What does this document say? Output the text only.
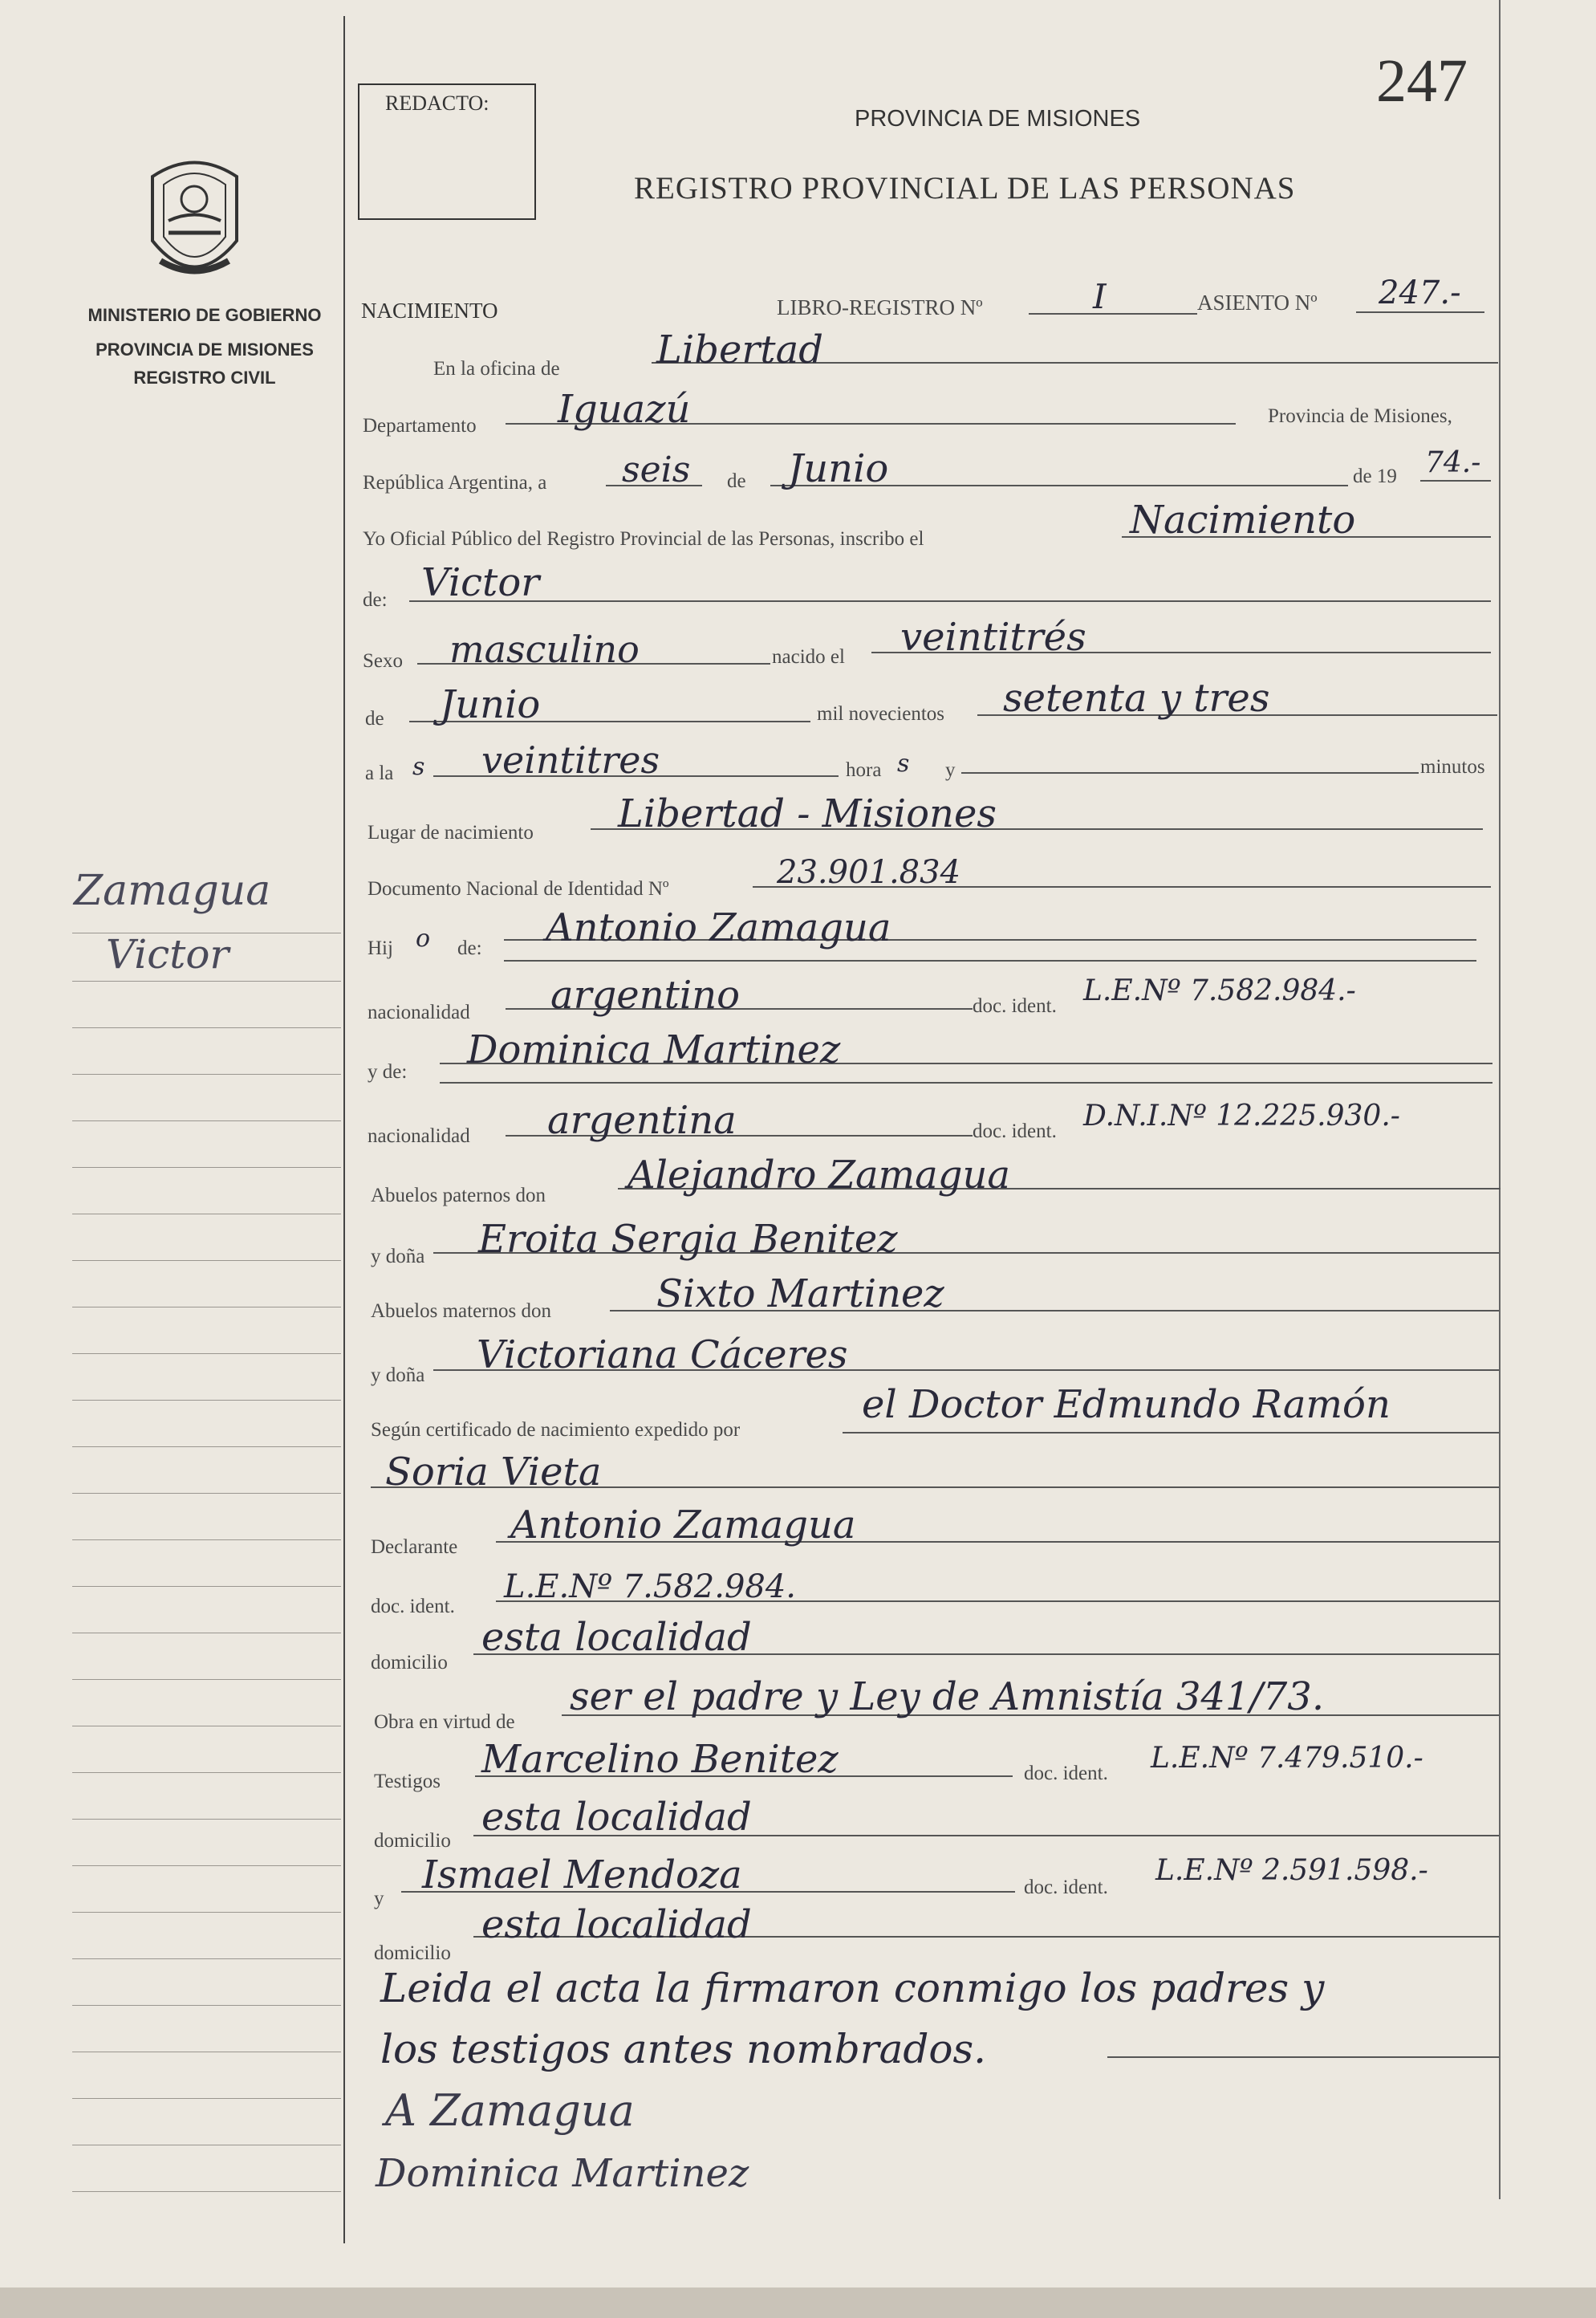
MINISTERIO DE GOBIERNO
PROVINCIA DE MISIONES
REGISTRO CIVIL
Zamagua
Victor
REDACTO:	247
PROVINCIA DE MISIONES
REGISTRO PROVINCIAL DE LAS PERSONAS
NACIMIENTO	LIBRO-REGISTRO Nº	I	ASIENTO Nº 247.-
En la oficina de	Libertad
Departamento Iguazú	Provincia de Misiones,
República Argentina, a seis de Junio	de 19 74.-
Yo Oficial Público del Registro Provincial de las Personas, inscribo el	Nacimiento
de: Victor
Sexo masculino	nacido el veintitrés
de Junio	mil novecientos setenta y tres
a la s veintitres	hora s y	minutos
Lugar de nacimiento Libertad - Misiones
Documento Nacional de Identidad Nº	23.901.834
Hij o de: Antonio Zamagua
nacionalidad argentino	doc. ident. L.E.Nº 7.582.984.-
y de: Dominica Martinez
nacionalidad argentina	doc. ident. D.N.I.Nº 12.225.930.-
Abuelos paternos don Alejandro Zamagua
y doña Eroita Sergia Benitez
Abuelos maternos don	Sixto Martinez
y doña Victoriana Cáceres
Según certificado de nacimiento expedido por
el Doctor Edmundo Ramón
Soria Vieta
Declarante Antonio Zamagua
doc. ident.
L.E.Nº 7.582.984.
domicilio
esta localidad
Obra en virtud de
ser el padre y Ley de Amnistía 341/73.
Testigos Marcelino Benitez	doc. ident. L.E.Nº 7.479.510.-
domicilio
esta localidad
y
Ismael Mendoza	doc. ident.
L.E.Nº 2.591.598.-
domicilio
esta localidad
Leida el acta la firmaron conmigo los padres y
los testigos antes nombrados.
A Zamagua
Dominica Martinez
